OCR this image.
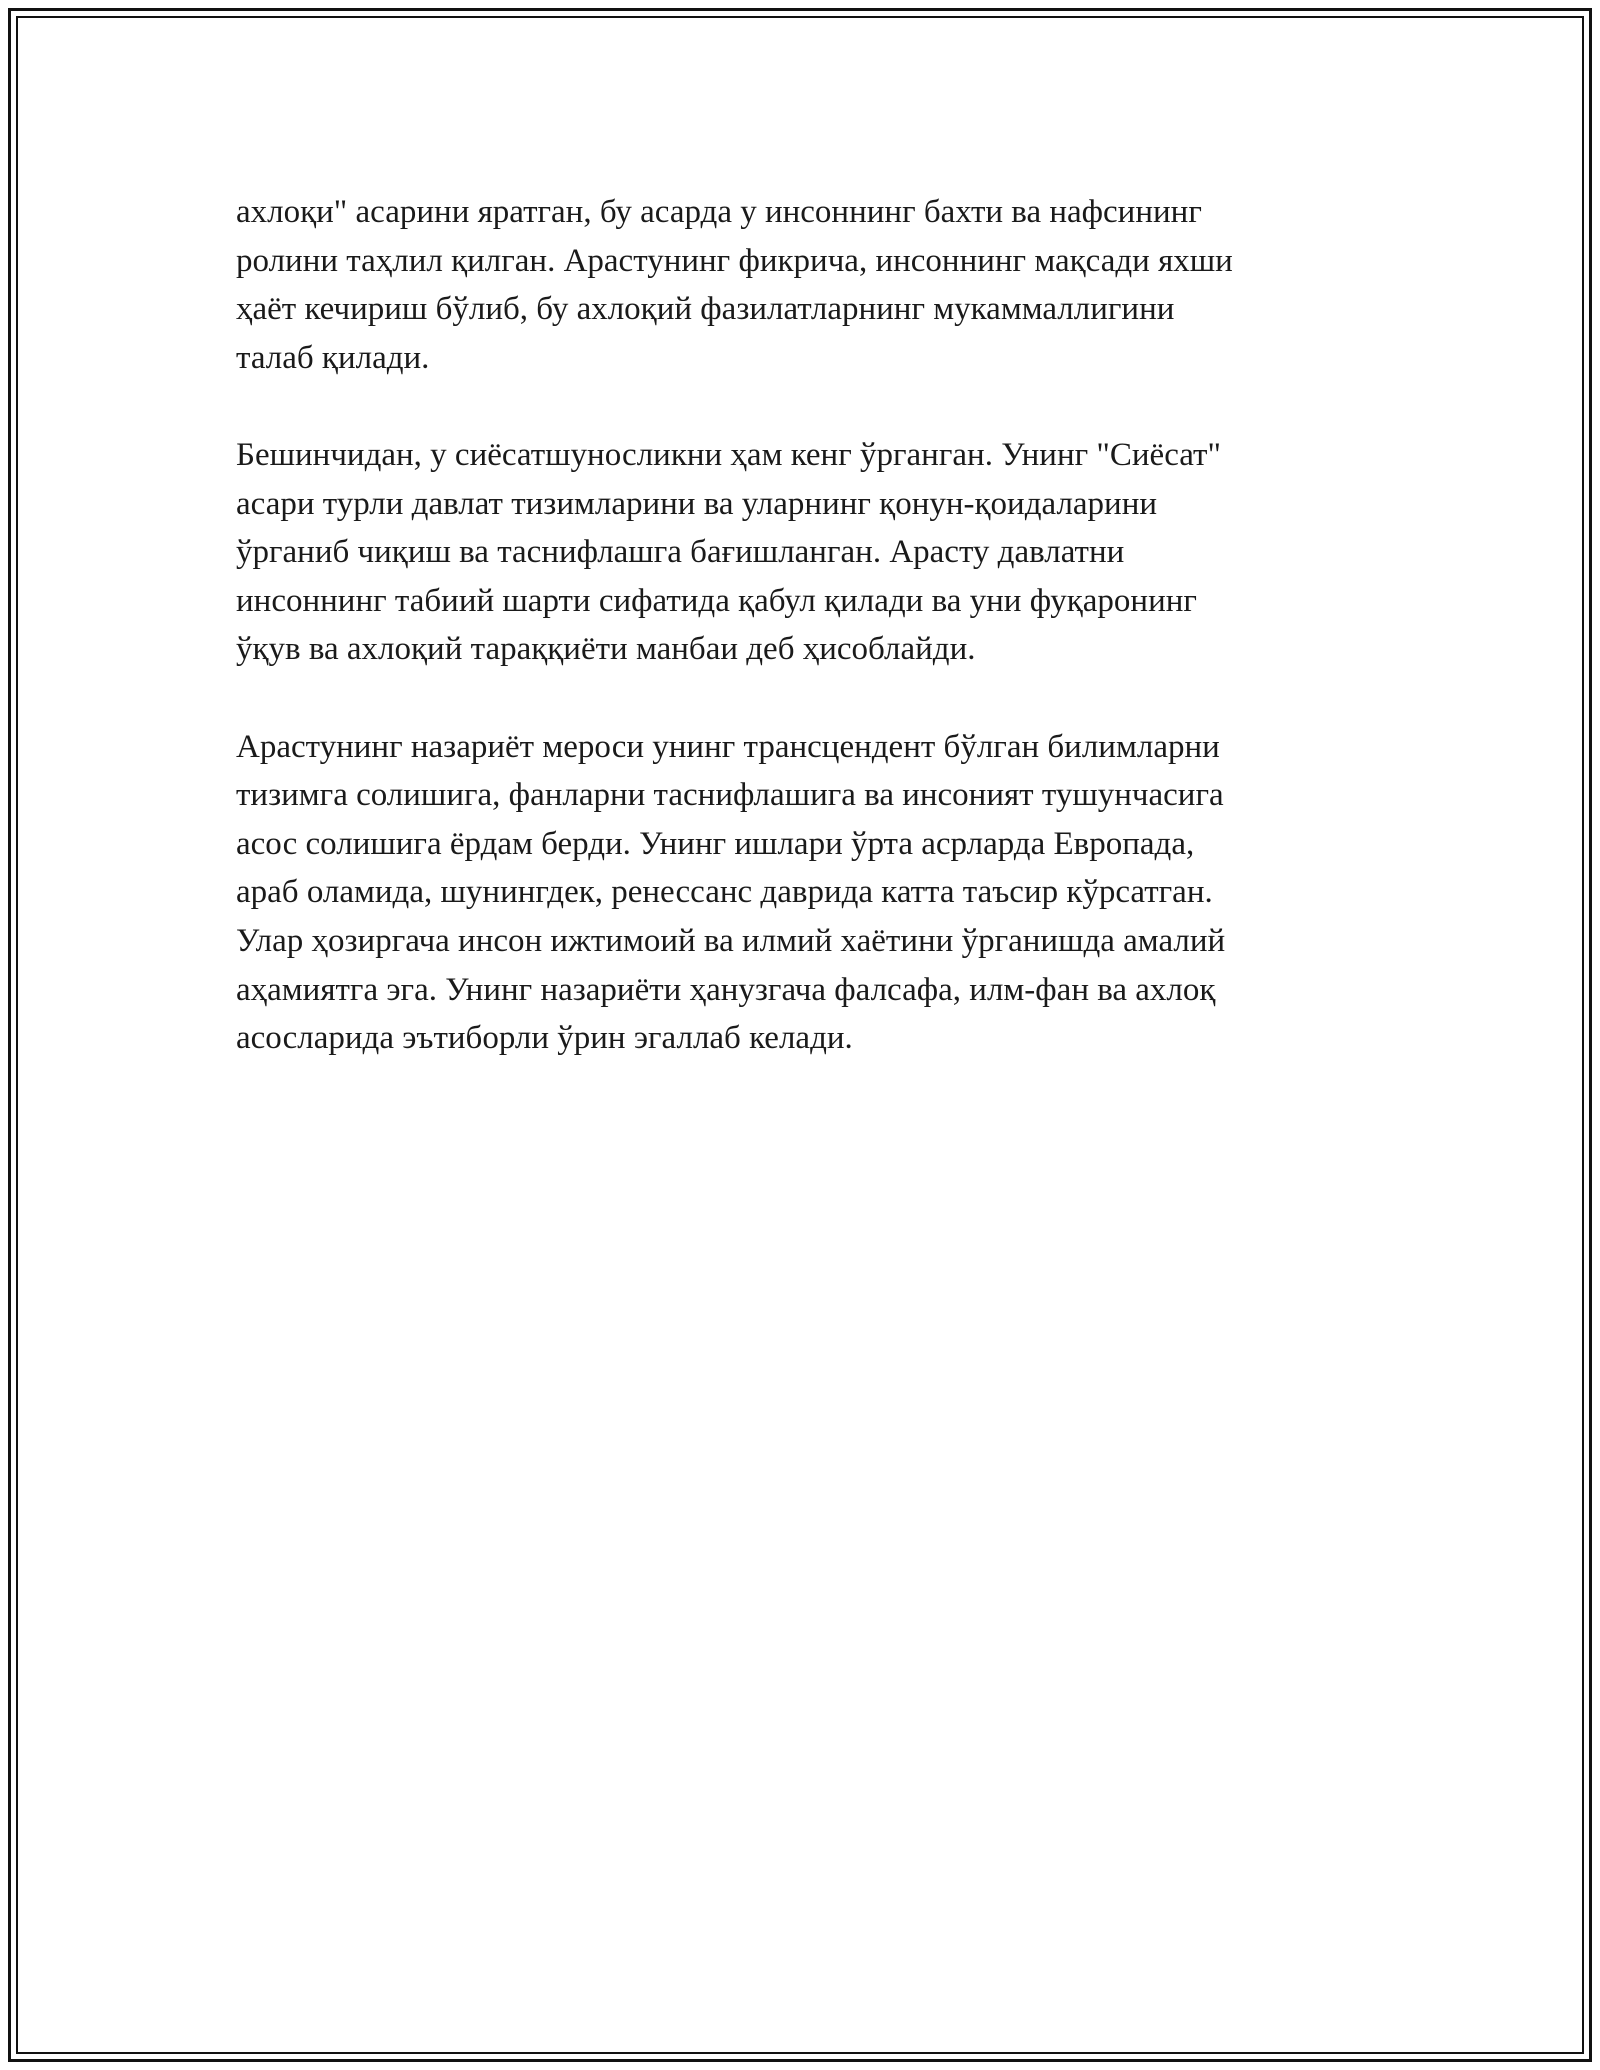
ахлоқи" асарини яратган, бу асарда у инсоннинг бахти ва нафсининг
ролини таҳлил қилган. Арастунинг фикрича, инсоннинг мақсади яхши
ҳаёт кечириш бўлиб, бу ахлоқий фазилатларнинг мукаммаллигини
талаб қилади.

Бешинчидан, у сиёсатшуносликни ҳам кенг ўрганган. Унинг "Сиёсат"
асари турли давлат тизимларини ва уларнинг қонун-қоидаларини
ўрганиб чиқиш ва таснифлашга бағишланган. Арасту давлатни
инсоннинг табиий шарти сифатида қабул қилади ва уни фуқаронинг
ўқув ва ахлоқий тараққиёти манбаи деб ҳисоблайди.

Арастунинг назариёт мероси унинг трансцендент бўлган билимларни
тизимга солишига, фанларни таснифлашига ва инсоният тушунчасига
асос солишига ёрдам берди. Унинг ишлари ўрта асрларда Европада,
араб оламида, шунингдек, ренессанс даврида катта таъсир кўрсатган.
Улар ҳозиргача инсон ижтимоий ва илмий хаётини ўрганишда амалий
аҳамиятга эга. Унинг назариёти ҳанузгача фалсафа, илм-фан ва ахлоқ
асосларида эътиборли ўрин эгаллаб келади.
